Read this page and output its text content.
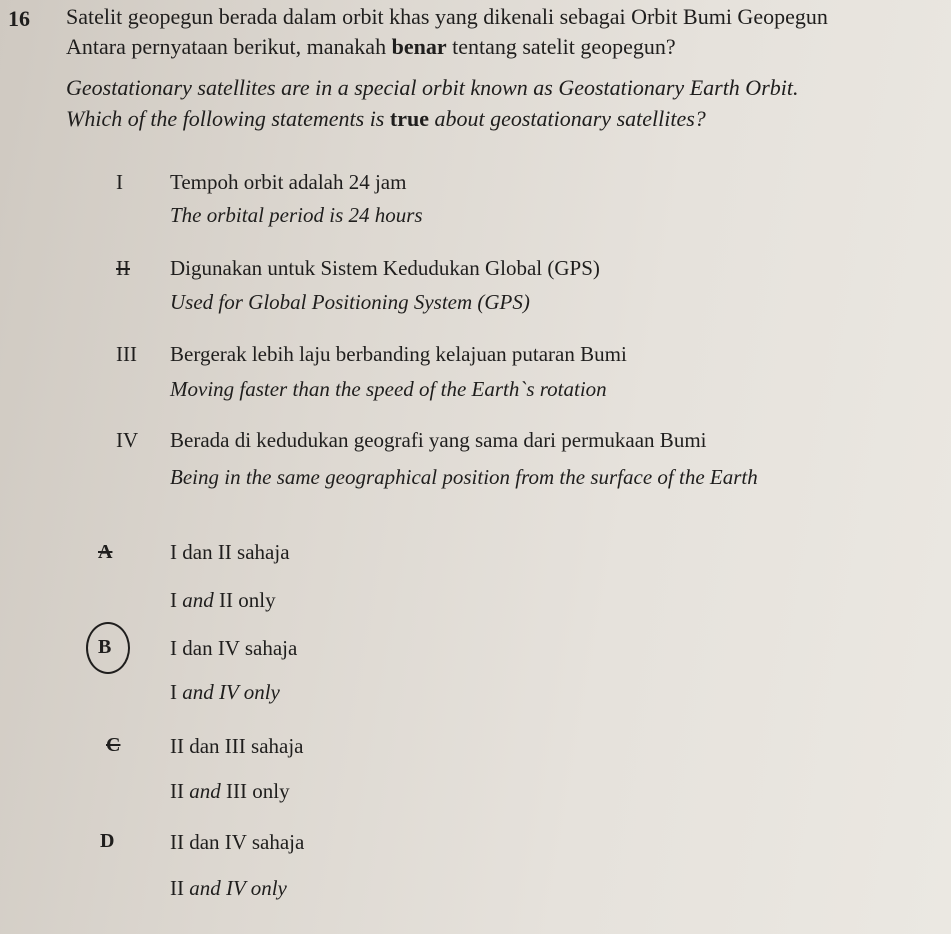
16 Satelit geopegun berada dalam orbit khas yang dikenali sebagai Orbit Bumi Geopegun
Antara pernyataan berikut, manakah benar tentang satelit geopegun?
Geostationary satellites are in a special orbit known as Geostationary Earth Orbit.
Which of the following statements is true about geostationary satellites?
I Tempoh orbit adalah 24 jam
The orbital period is 24 hours
II Digunakan untuk Sistem Kedudukan Global (GPS)
Used for Global Positioning System (GPS)
III Bergerak lebih laju berbanding kelajuan putaran Bumi
Moving faster than the speed of the Earth`s rotation
IV Berada di kedudukan geografi yang sama dari permukaan Bumi
Being in the same geographical position from the surface of the Earth
A	I dan II sahaja
I and II only
B	I dan IV sahaja
I and IV only
C II dan III sahaja
II and III only
D	II dan IV sahaja
II and IV only
